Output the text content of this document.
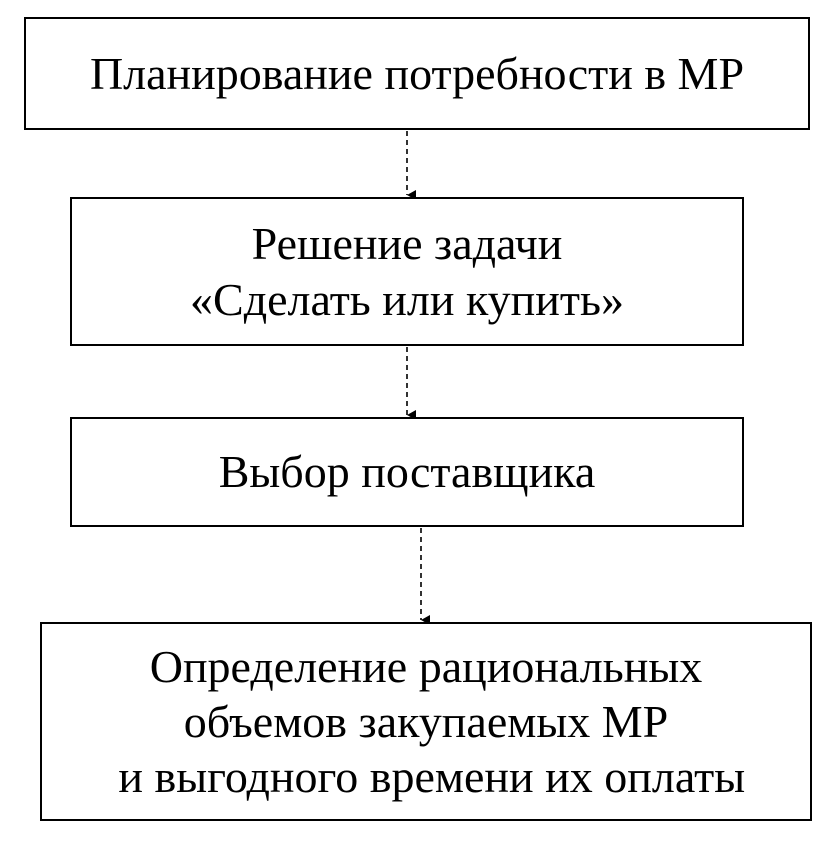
Планирование потребности в МР
Решение задачи
«Сделать или купить»
Выбор поставщика
Определение рациональных
объемов закупаемых МР
и выгодного времени их оплаты
